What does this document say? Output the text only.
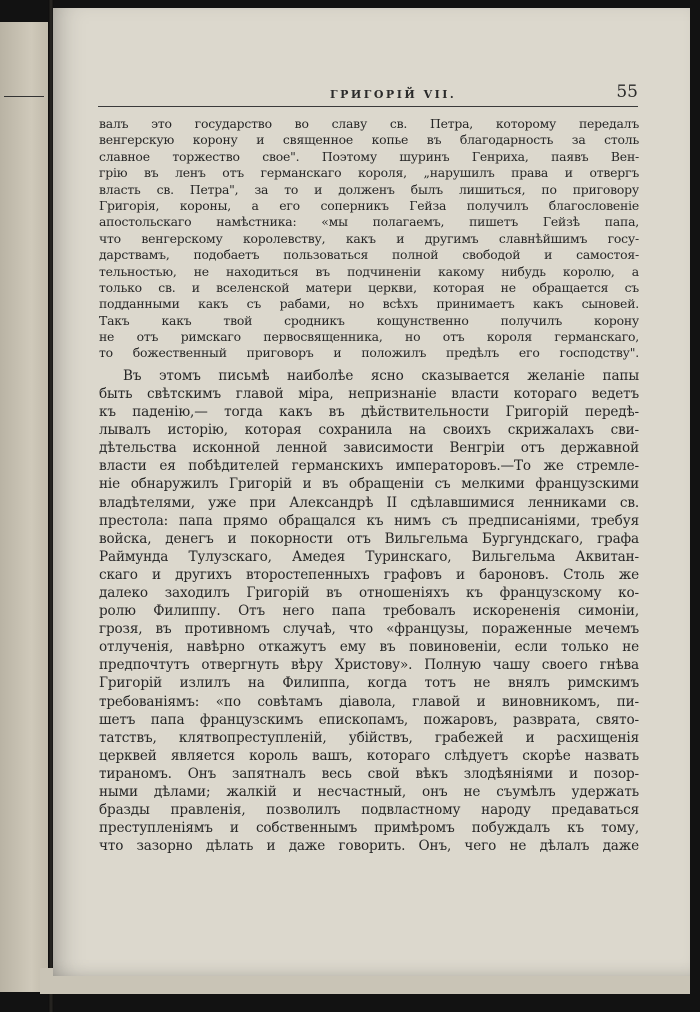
ГРИГОРІЙ VII.	55
валъ это государство во славу св. Петра, которому передалъ
венгерскую корону и священное копье въ благодарность за столь
славное торжество свое". Поэтому шуринъ Генриха, паявъ Вен-
грію въ ленъ отъ германскаго короля, „нарушилъ права и отвергъ
власть св. Петра", за то и долженъ былъ лишиться, по приговору
Григорія, короны, а его соперникъ Гейза получилъ благословеніе
апостольскаго намѣстника: «мы полагаемъ, пишетъ Гейзѣ папа,
что венгерскому королевству, какъ и другимъ славнѣйшимъ госу-
дарствамъ, подобаетъ пользоваться полной свободой и самостоя-
тельностью, не находиться въ подчиненіи какому нибудь королю, а
только св. и вселенской матери церкви, которая не обращается съ
подданными какъ съ рабами, но всѣхъ принимаетъ какъ сыновей.
Такъ какъ твой сродникъ кощунственно получилъ корону
не отъ римскаго первосвященника, но отъ короля германскаго,
то божественный приговоръ и положилъ предѣлъ его господству".
Въ этомъ письмѣ наиболѣе ясно сказывается желаніе папы
быть свѣтскимъ главой міра, непризнаніе власти котораго ведетъ
къ паденію,— тогда какъ въ дѣйствительности Григорій передѣ-
лывалъ исторію, которая сохранила на своихъ скрижалахъ сви-
дѣтельства исконной ленной зависимости Венгріи отъ державной
власти ея побѣдителей германскихъ императоровъ.—То же стремле-
ніе обнаружилъ Григорій и въ обращеніи съ мелкими французскими
владѣтелями, уже при Александрѣ II сдѣлавшимися ленниками св.
престола: папа прямо обращался къ нимъ съ предписаніями, требуя
войска, денегъ и покорности отъ Вильгельма Бургундскаго, графа
Раймунда Тулузскаго, Амедея Туринскаго, Вильгельма Аквитан-
скаго и другихъ второстепенныхъ графовъ и бароновъ. Столь же
далеко заходилъ Григорій въ отношеніяхъ къ французскому ко-
ролю Филиппу. Отъ него папа требовалъ искорененія симоніи,
грозя, въ противномъ случаѣ, что «французы, пораженные мечемъ
отлученія, навѣрно откажутъ ему въ повиновеніи, если только не
предпочтутъ отвергнуть вѣру Христову». Полную чашу своего гнѣва
Григорій излилъ на Филиппа, когда тотъ не внялъ римскимъ
требованіямъ: «по совѣтамъ діавола, главой и виновникомъ, пи-
шетъ папа французскимъ епископамъ, пожаровъ, разврата, свято-
татствъ, клятвопреступленій, убійствъ, грабежей и расхищенія
церквей является король вашъ, котораго слѣдуетъ скорѣе назвать
тираномъ. Онъ запятналъ весь свой вѣкъ злодѣяніями и позор-
ными дѣлами; жалкій и несчастный, онъ не съумѣлъ удержать
бразды правленія, позволилъ подвластному народу предаваться
преступленіямъ и собственнымъ примѣромъ побуждалъ къ тому,
что зазорно дѣлать и даже говорить. Онъ, чего не дѣлалъ даже
